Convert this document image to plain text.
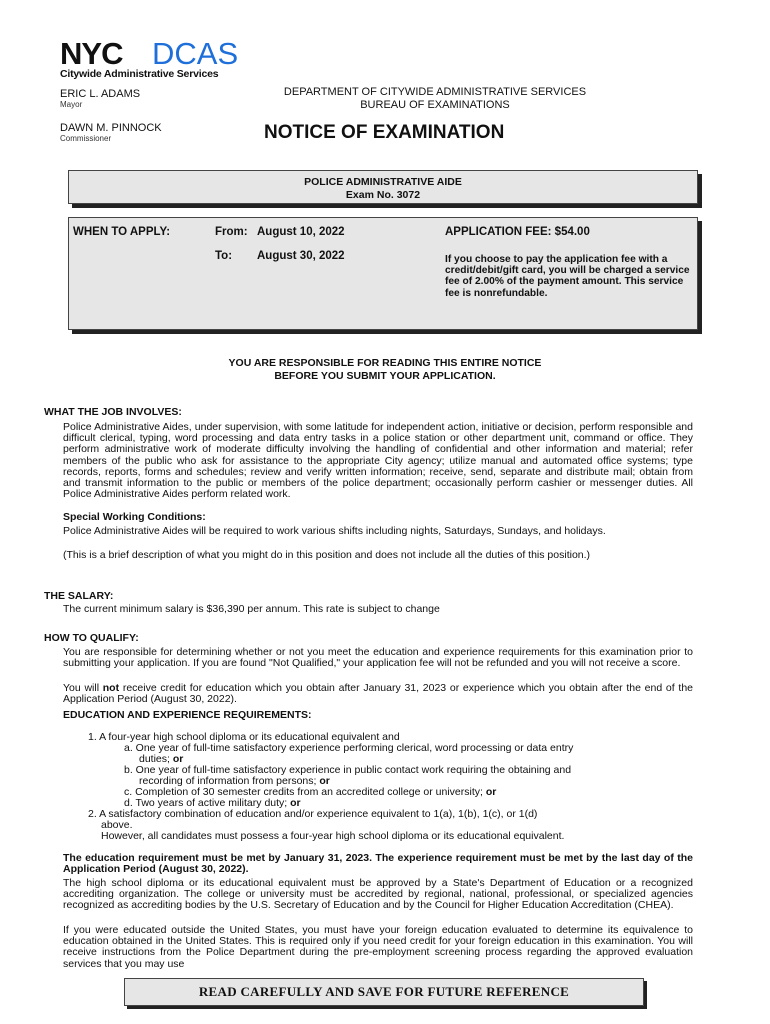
NYC DCAS
Citywide Administrative Services
ERIC L. ADAMS
Mayor
DAWN M. PINNOCK
Commissioner
DEPARTMENT OF CITYWIDE ADMINISTRATIVE SERVICES
BUREAU OF EXAMINATIONS
NOTICE OF EXAMINATION
POLICE ADMINISTRATIVE AIDE
Exam No. 3072
WHEN TO APPLY:	From: August 10, 2022
To: August 30, 2022
APPLICATION FEE: $54.00
If you choose to pay the application fee with a credit/debit/gift card, you will be charged a service fee of 2.00% of the payment amount. This service fee is nonrefundable.
YOU ARE RESPONSIBLE FOR READING THIS ENTIRE NOTICE
BEFORE YOU SUBMIT YOUR APPLICATION.
WHAT THE JOB INVOLVES:
Police Administrative Aides, under supervision, with some latitude for independent action, initiative or decision, perform responsible and difficult clerical, typing, word processing and data entry tasks in a police station or other department unit, command or office. They perform administrative work of moderate difficulty involving the handling of confidential and other information and material; refer members of the public who ask for assistance to the appropriate City agency; utilize manual and automated office systems; type records, reports, forms and schedules; review and verify written information; receive, send, separate and distribute mail; obtain from and transmit information to the public or members of the police department; occasionally perform cashier or messenger duties. All Police Administrative Aides perform related work.
Special Working Conditions:
Police Administrative Aides will be required to work various shifts including nights, Saturdays, Sundays, and holidays.
(This is a brief description of what you might do in this position and does not include all the duties of this position.)
THE SALARY:
The current minimum salary is $36,390 per annum. This rate is subject to change
HOW TO QUALIFY:
You are responsible for determining whether or not you meet the education and experience requirements for this examination prior to submitting your application. If you are found "Not Qualified," your application fee will not be refunded and you will not receive a score.
You will not receive credit for education which you obtain after January 31, 2023 or experience which you obtain after the end of the Application Period (August 30, 2022).
EDUCATION AND EXPERIENCE REQUIREMENTS:
1. A four-year high school diploma or its educational equivalent and
a. One year of full-time satisfactory experience performing clerical, word processing or data entry
duties; or
b. One year of full-time satisfactory experience in public contact work requiring the obtaining and
recording of information from persons; or
c. Completion of 30 semester credits from an accredited college or university; or
d. Two years of active military duty; or
2. A satisfactory combination of education and/or experience equivalent to 1(a), 1(b), 1(c), or 1(d)
above.
However, all candidates must possess a four-year high school diploma or its educational equivalent.
The education requirement must be met by January 31, 2023. The experience requirement must be met by the last day of the Application Period (August 30, 2022).
The high school diploma or its educational equivalent must be approved by a State's Department of Education or a recognized accrediting organization. The college or university must be accredited by regional, national, professional, or specialized agencies recognized as accrediting bodies by the U.S. Secretary of Education and by the Council for Higher Education Accreditation (CHEA).
If you were educated outside the United States, you must have your foreign education evaluated to determine its equivalence to education obtained in the United States. This is required only if you need credit for your foreign education in this examination. You will receive instructions from the Police Department during the pre-employment screening process regarding the approved evaluation services that you may use
READ CAREFULLY AND SAVE FOR FUTURE REFERENCE
